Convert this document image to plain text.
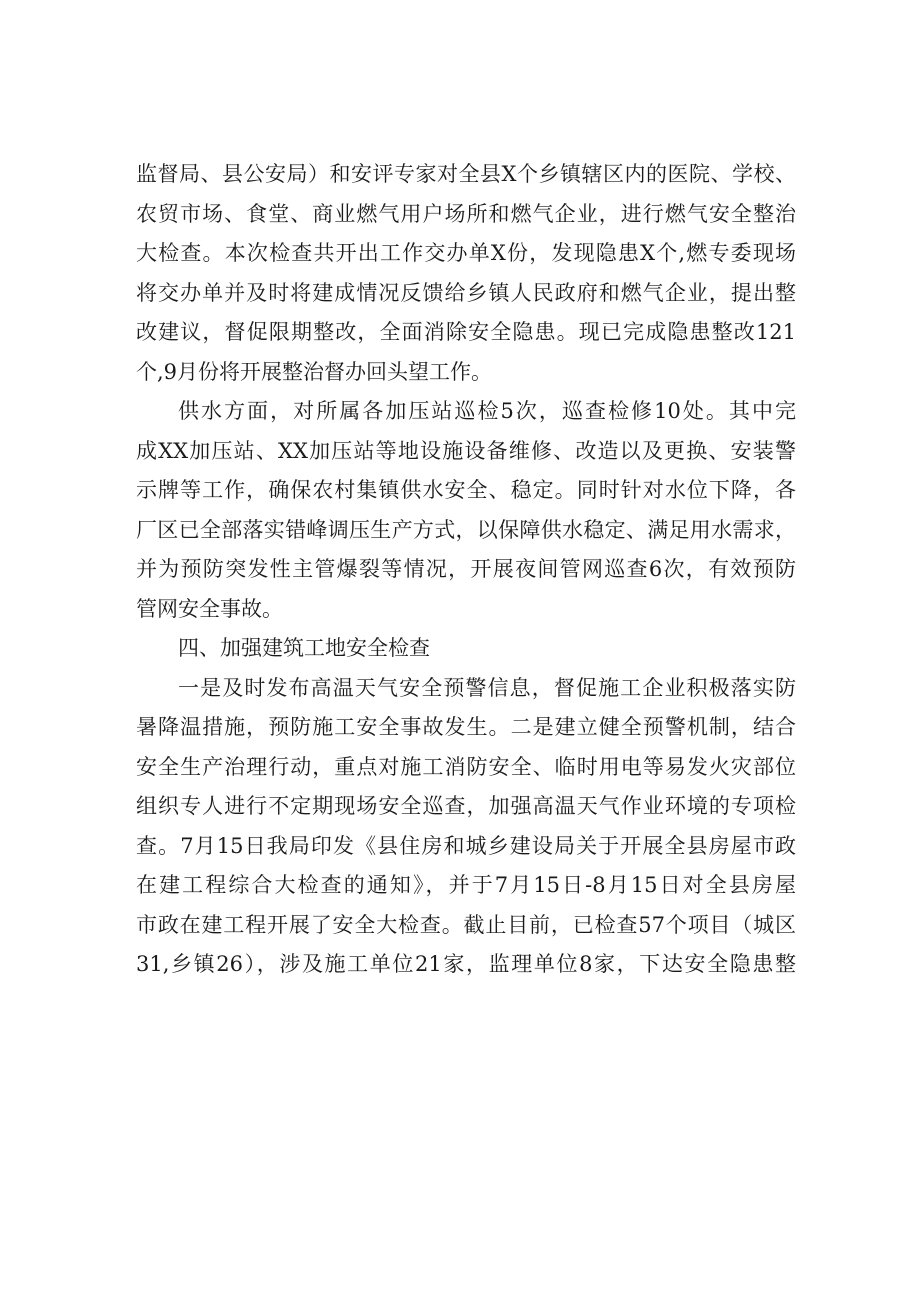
监督局、县公安局）和安评专家对全县X个乡镇辖区内的医院、学校、
农贸市场、食堂、商业燃气用户场所和燃气企业，进行燃气安全整治
大检查。本次检查共开出工作交办单X份，发现隐患X个,燃专委现场
将交办单并及时将建成情况反馈给乡镇人民政府和燃气企业，提出整
改建议，督促限期整改，全面消除安全隐患。现已完成隐患整改121
个,9月份将开展整治督办回头望工作。
供水方面，对所属各加压站巡检5次，巡查检修10处。其中完
成XX加压站、XX加压站等地设施设备维修、改造以及更换、安装警
示牌等工作，确保农村集镇供水安全、稳定。同时针对水位下降，各
厂区已全部落实错峰调压生产方式，以保障供水稳定、满足用水需求，
并为预防突发性主管爆裂等情况，开展夜间管网巡查6次，有效预防
管网安全事故。
四、加强建筑工地安全检查
一是及时发布高温天气安全预警信息，督促施工企业积极落实防
暑降温措施，预防施工安全事故发生。二是建立健全预警机制，结合
安全生产治理行动，重点对施工消防安全、临时用电等易发火灾部位
组织专人进行不定期现场安全巡查，加强高温天气作业环境的专项检
查。7月15日我局印发《县住房和城乡建设局关于开展全县房屋市政
在建工程综合大检查的通知》，并于7月15日-8月15日对全县房屋
市政在建工程开展了安全大检查。截止目前，已检查57个项目（城区
31,乡镇26），涉及施工单位21家，监理单位8家，下达安全隐患整
